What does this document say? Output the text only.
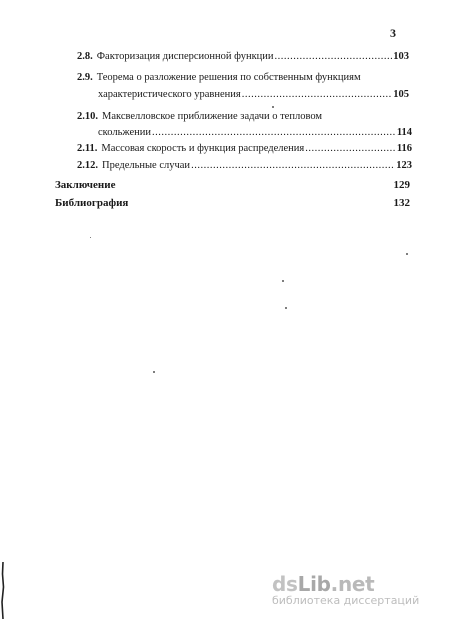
3
2.8. Факторизация дисперсионной функции .....	103
2.9. Теорема о разложение решения по собственным функциям
характеристического уравнения .....	105
2.10. Максвелловское приближение задачи о тепловом
скольжении .....	114
2.11. Массовая скорость и функция распределения .....	116
2.12. Предельные случаи .....	123
Заключение	129
Библиография	132
dsLib.net
библиотека диссертаций
